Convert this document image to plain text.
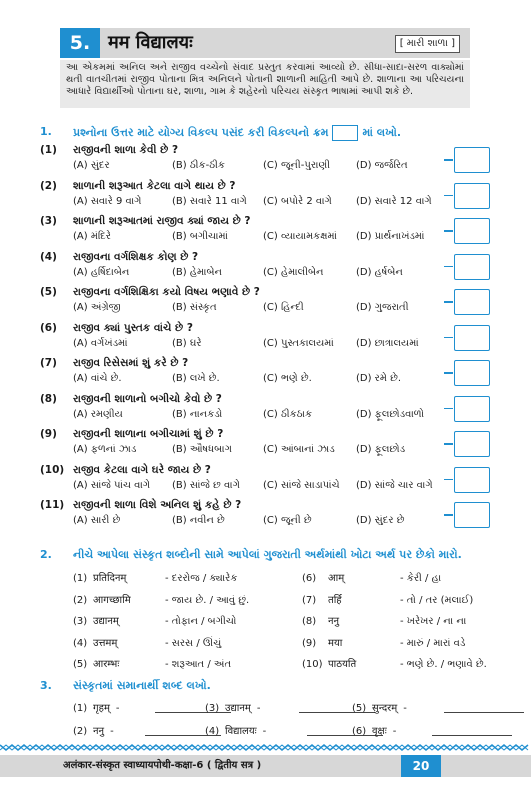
5. मम विद्यालयः	[ મારી શાળા ]
આ એકમમાં અનિલ અને રાજીવ વચ્ચેનો સંવાદ પ્રસ્તુત કરવામાં આવ્યો છે. સીધા-સાદા-સરળ વાક્યોમાં થતી વાતચીતમાં રાજીવ પોતાના મિત્ર અનિલને પોતાની શાળાની માહિતી આપે છે. શાળાના આ પરિચયના આધારે વિદ્યાર્થીઓ પોતાના ઘર, શાળા, ગામ કે શહેરનો પરિચય સંસ્કૃત ભાષામાં આપી શકે છે.
1. પ્રશ્નોના ઉત્તર માટે યોગ્ય વિકલ્પ પસંદ કરી વિકલ્પનો ક્રમ	માં લખો.
(1) રાજીવની શાળા કેવી છે ?
(A) સુંદર	(B) ઠીક-ઠીક	(C) જૂની-પુરાણી	(D) જર્જરિત
(2) શાળાની શરૂઆત કેટલા વાગે થાય છે ?
(A) સવારે 9 વાગે	(B) સવારે 11 વાગે (C) બપોરે 2 વાગે (D) સવારે 12 વાગે
(3) શાળાની શરૂઆતમાં રાજીવ ક્યાં જાય છે ?
(A) મંદિરે	(B) બગીચામાં	(C) વ્યાયામકક્ષમાં (D) પ્રાર્થનાખંડમાં
(4) રાજીવના વર્ગશિક્ષક કોણ છે ?
(A) હર્ષિદાબેન	(B) હેમાબેન	(C) હેમાલીબેન	(D) હર્ષબેન
(5) રાજીવના વર્ગશિક્ષિકા કયો વિષય ભણાવે છે ?
(A) અંગ્રેજી	(B) સંસ્કૃત	(C) હિન્દી	(D) ગુજરાતી
(6) રાજીવ ક્યાં પુસ્તક વાંચે છે ?
(A) વર્ગખંડમાં	(B) ઘરે	(C) પુસ્તકાલયમાં (D) છાત્રાલયમાં
(7) રાજીવ રિસેસમાં શું કરે છે ?
(A) વાંચે છે.	(B) લખે છે.	(C) ભણે છે.	(D) રમે છે.
(8) રાજીવની શાળાનો બગીચો કેવો છે ?
(A) રમણીય	(B) નાનકડો	(C) ઠીકઠાક	(D) ફૂલછોડવાળો
(9) રાજીવની શાળાના બગીચામાં શું છે ?
(A) ફળનાં ઝાડ	(B) ઔષધબાગ	(C) આંબાનાં ઝાડ (D) ફૂલછોડ
(10) રાજીવ કેટલા વાગે ઘરે જાય છે ?
(A) સાંજે પાંચ વાગે (B) સાંજે છ વાગે (C) સાંજે સાડાપાંચે (D) સાંજે ચાર વાગે
(11) રાજીવની શાળા વિશે અનિલ શું કહે છે ?
(A) સારી છે	(B) નવીન છે	(C) જૂની છે	(D) સુંદર છે
2. નીચે આપેલા સંસ્કૃત શબ્દોની સામે આપેલાં ગુજરાતી અર્થમાંથી ખોટા અર્થ પર છેકો મારો.
(1) प्रतिदिनम्	- દરરોજ / ક્યારેક
(2) आगच्छामि	- જાય છે. / આવું છું.
(3) उद्यानम्	- તોફાન / બગીચો
(4) उत्तमम्	- સરસ / ઊંચું
(5) आरम्भः	- શરૂઆત / અંત
(6) आम्	- કેરી / હા
(7) तर्हि	- તો / તર (મલાઈ)
(8) ननु	- ખરેખર / ના ના
(9) मया	- મારું / મારાં વડે
(10) पाठयति	- ભણે છે. / ભણાવે છે.
3. સંસ્કૃતમાં સમાનાર્થી શબ્દ લખો.
(1) गृहम् -	(3) उद्यानम् -	(5) सुन्दरम् -
(2) ननु -	(4) विद्यालयः -	(6) वृक्षः -
अलंकार-संस्कृत स्वाध्यायपोथी-कक्षा-6 ( द्वितीय सत्र )	20
